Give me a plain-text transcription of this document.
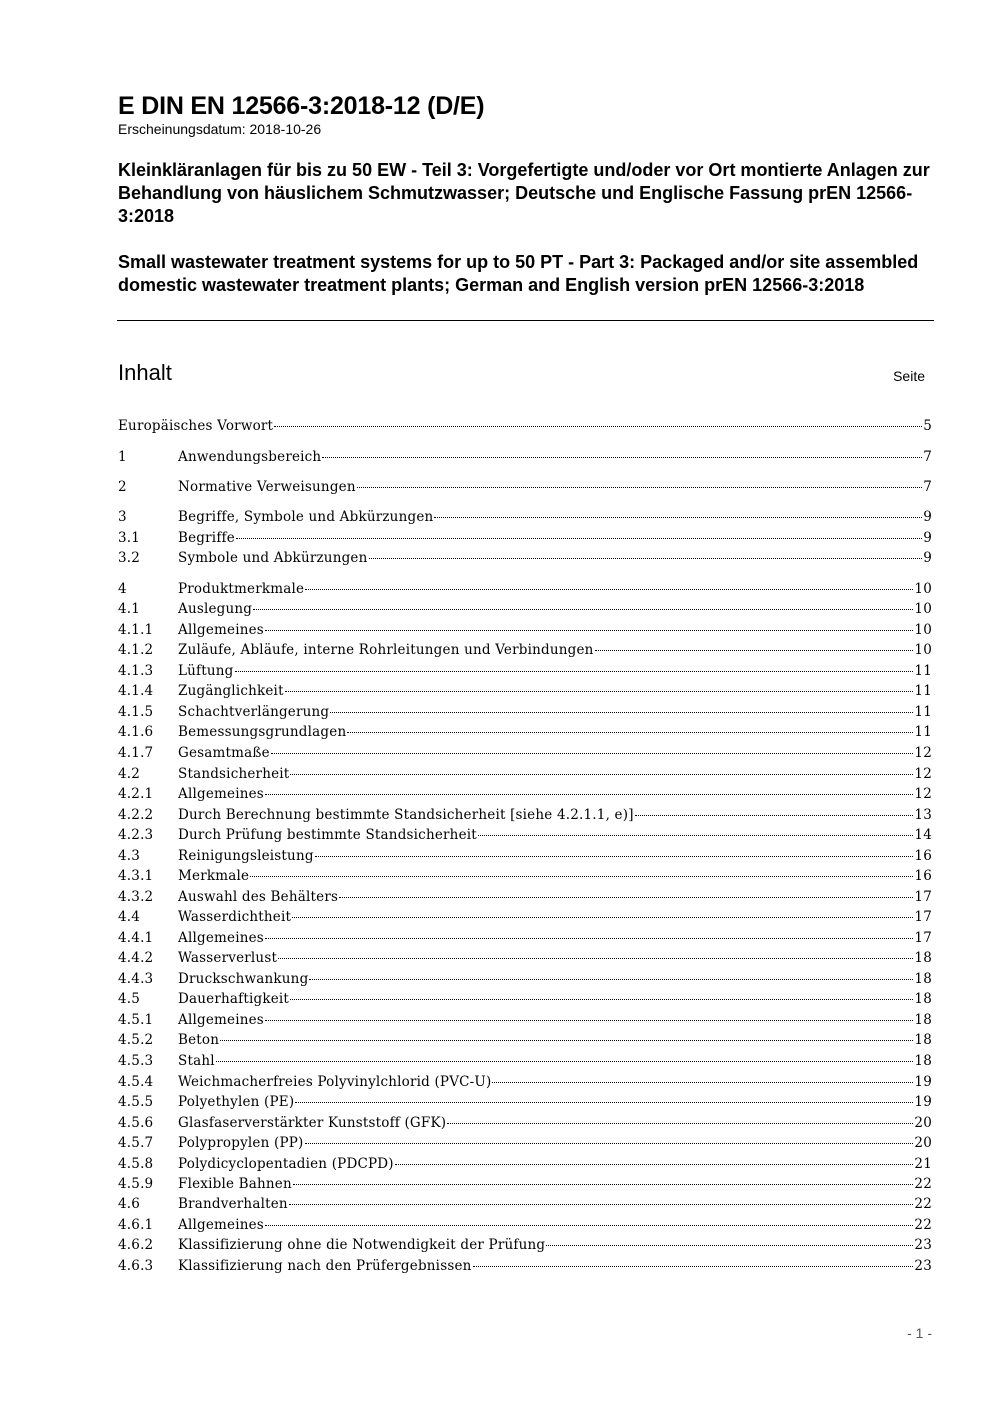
E DIN EN 12566-3:2018-12 (D/E)
Erscheinungsdatum: 2018-10-26
Kleinkläranlagen für bis zu 50 EW - Teil 3: Vorgefertigte und/oder vor Ort montierte Anlagen zur Behandlung von häuslichem Schmutzwasser; Deutsche und Englische Fassung prEN 12566-3:2018
Small wastewater treatment systems for up to 50 PT - Part 3: Packaged and/or site assembled domestic wastewater treatment plants; German and English version prEN 12566-3:2018
Inhalt	Seite
Europäisches Vorwort	5
1	Anwendungsbereich	7
2	Normative Verweisungen	7
3	Begriffe, Symbole und Abkürzungen	9
3.1	Begriffe	9
3.2	Symbole und Abkürzungen	9
4	Produktmerkmale	10
4.1	Auslegung	10
4.1.1	Allgemeines	10
4.1.2	Zuläufe, Abläufe, interne Rohrleitungen und Verbindungen	10
4.1.3	Lüftung	11
4.1.4	Zugänglichkeit	11
4.1.5	Schachtverlängerung	11
4.1.6	Bemessungsgrundlagen	11
4.1.7	Gesamtmaße	12
4.2	Standsicherheit	12
4.2.1	Allgemeines	12
4.2.2	Durch Berechnung bestimmte Standsicherheit [siehe 4.2.1.1, e)]	13
4.2.3	Durch Prüfung bestimmte Standsicherheit	14
4.3	Reinigungsleistung	16
4.3.1	Merkmale	16
4.3.2	Auswahl des Behälters	17
4.4	Wasserdichtheit	17
4.4.1	Allgemeines	17
4.4.2	Wasserverlust	18
4.4.3	Druckschwankung	18
4.5	Dauerhaftigkeit	18
4.5.1	Allgemeines	18
4.5.2	Beton	18
4.5.3	Stahl	18
4.5.4	Weichmacherfreies Polyvinylchlorid (PVC-U)	19
4.5.5	Polyethylen (PE)	19
4.5.6	Glasfaserverstärkter Kunststoff (GFK)	20
4.5.7	Polypropylen (PP)	20
4.5.8	Polydicyclopentadien (PDCPD)	21
4.5.9	Flexible Bahnen	22
4.6	Brandverhalten	22
4.6.1	Allgemeines	22
4.6.2	Klassifizierung ohne die Notwendigkeit der Prüfung	23
4.6.3	Klassifizierung nach den Prüfergebnissen	23
- 1 -
